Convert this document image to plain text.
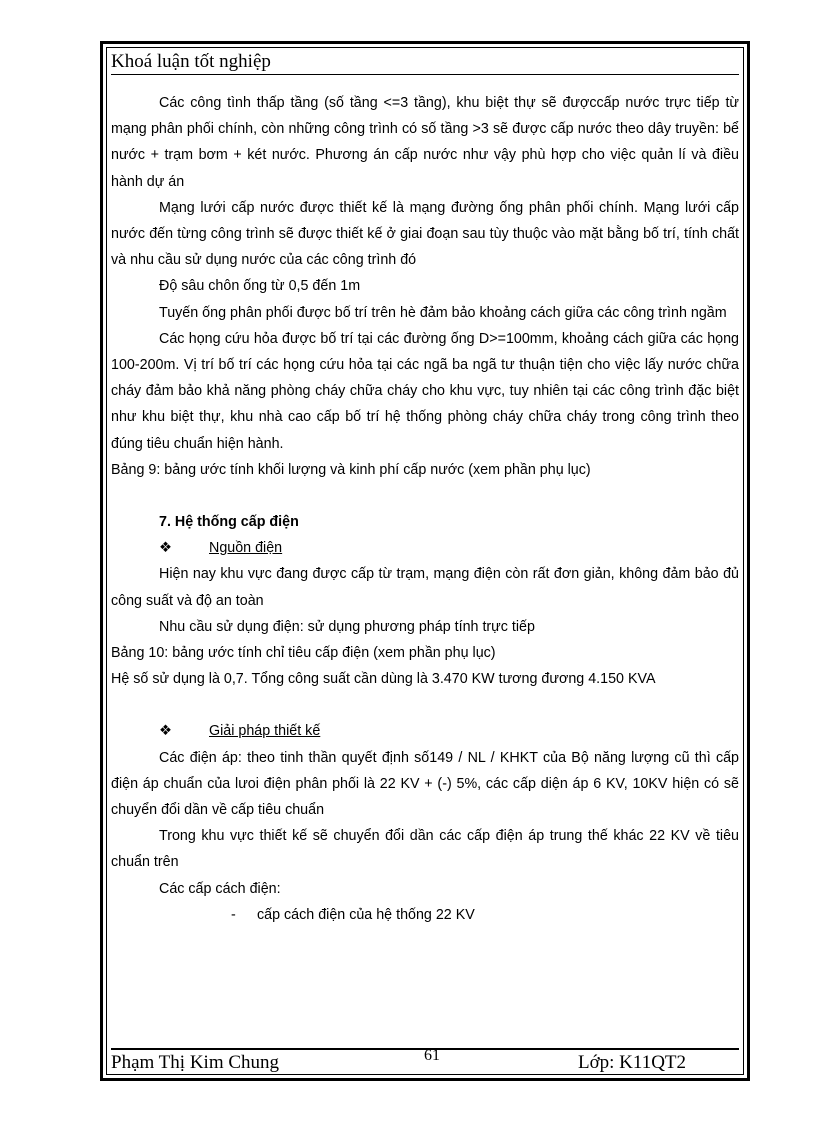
Khoá luận tốt nghiệp

Các công tình thấp tầng (số tầng <=3 tầng), khu biệt thự sẽ đượccấp nước trực tiếp từ mạng phân phối chính, còn những công trình có số tầng >3 sẽ được cấp nước theo dây truyền: bể nước + trạm bơm + két nước. Phương án cấp nước như vậy phù hợp cho việc quản lí và điều hành dự án

Mạng lưới cấp nước được thiết kế là mạng đường ống phân phối chính. Mạng lưới cấp nước đến từng công trình sẽ được thiết kế ở giai đoạn sau tùy thuộc vào mặt bằng bố trí, tính chất và nhu cầu sử dụng nước của các công trình đó

Độ sâu chôn ống từ 0,5 đến 1m

Tuyến ống phân phối được bố trí trên hè đảm bảo khoảng cách giữa các công trình ngầm

Các họng cứu hỏa được bố trí tại các đường ống D>=100mm, khoảng cách giữa các họng 100-200m. Vị trí bố trí các họng cứu hỏa tại các ngã ba ngã tư thuận tiện cho việc lấy nước chữa cháy đảm bảo khả năng phòng cháy chữa cháy cho khu vực, tuy nhiên tại các công trình đặc biệt như khu biệt thự, khu nhà cao cấp bố trí hệ thống phòng cháy chữa cháy trong công trình theo đúng tiêu chuẩn hiện hành.

Bảng 9: bảng ước tính khối lượng và kinh phí cấp nước (xem phần phụ lục)

7. Hệ thống cấp điện

❖	Nguồn điện

Hiện nay khu vực đang được cấp từ trạm, mạng điện còn rất đơn giản, không đảm bảo đủ công suất và độ an toàn

Nhu cầu sử dụng điện: sử dụng phương pháp tính trực tiếp

Bảng 10: bảng ước tính chỉ tiêu cấp điện (xem phần phụ lục)

Hệ số sử dụng là 0,7. Tổng công suất cần dùng là 3.470 KW tương đương 4.150 KVA

❖	Giải pháp thiết kế

Các điện áp: theo tinh thần quyết định số149 / NL / KHKT của Bộ năng lượng cũ thì cấp điện áp chuẩn của lưoi điện phân phối là 22 KV + (-) 5%, các cấp diện áp 6 KV, 10KV hiện có sẽ chuyển đổi dần về cấp tiêu chuẩn

Trong khu vực thiết kế sẽ chuyển đổi dần các cấp điện áp trung thế khác 22 KV về tiêu chuẩn trên

Các cấp cách điện:

- cấp cách điện của hệ thống 22 KV

Phạm Thị Kim Chung	61	Lớp: K11QT2
